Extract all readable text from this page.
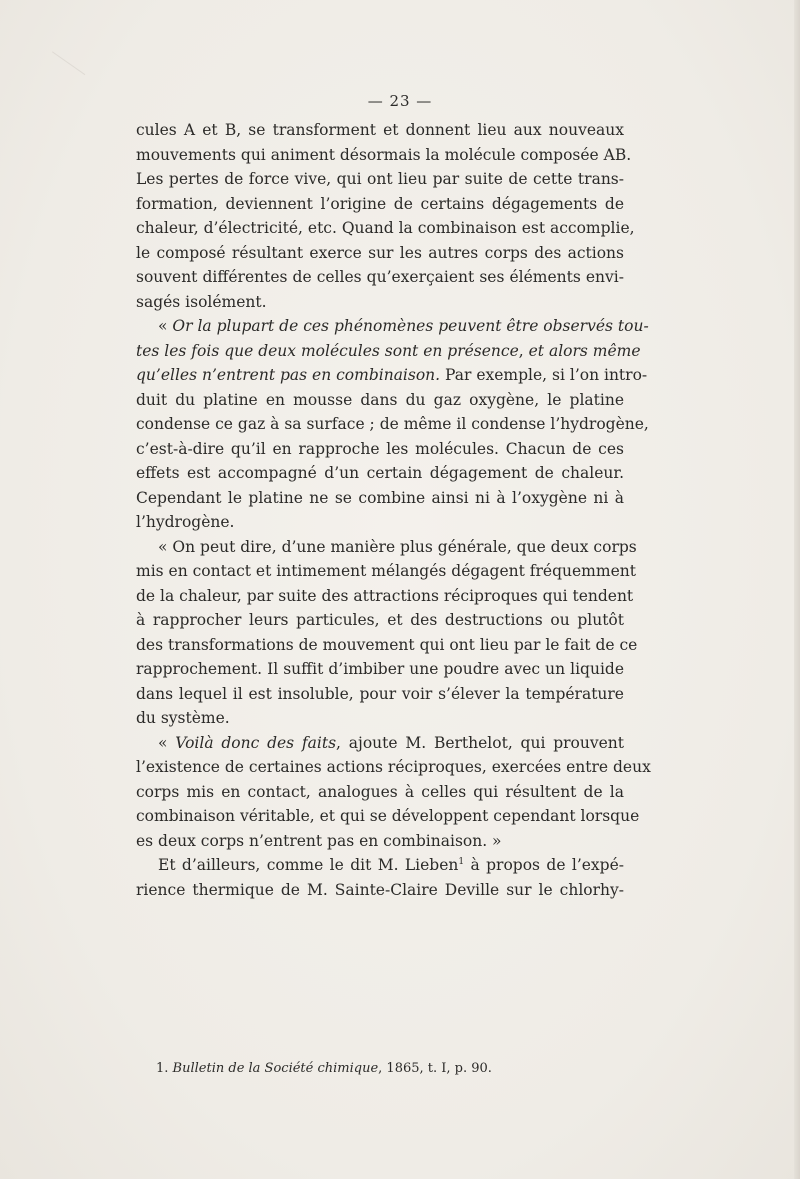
— 23 —
cules A et B, se transforment et donnent lieu aux nouveaux
mouvements qui animent désormais la molécule composée AB.
Les pertes de force vive, qui ont lieu par suite de cette trans-
formation, deviennent l’origine de certains dégagements de
chaleur, d’électricité, etc. Quand la combinaison est accomplie,
le composé résultant exerce sur les autres corps des actions
souvent différentes de celles qu’exerçaient ses éléments envi-
sagés isolément.
« Or la plupart de ces phénomènes peuvent être observés tou-
tes les fois que deux molécules sont en présence, et alors même
qu’elles n’entrent pas en combinaison. Par exemple, si l’on intro-
duit du platine en mousse dans du gaz oxygène, le platine
condense ce gaz à sa surface ; de même il condense l’hydrogène,
c’est-à-dire qu’il en rapproche les molécules. Chacun de ces
effets est accompagné d’un certain dégagement de chaleur.
Cependant le platine ne se combine ainsi ni à l’oxygène ni à
l’hydrogène.
« On peut dire, d’une manière plus générale, que deux corps
mis en contact et intimement mélangés dégagent fréquemment
de la chaleur, par suite des attractions réciproques qui tendent
à rapprocher leurs particules, et des destructions ou plutôt
des transformations de mouvement qui ont lieu par le fait de ce
rapprochement. Il suffit d’imbiber une poudre avec un liquide
dans lequel il est insoluble, pour voir s’élever la température
du système.
« Voilà donc des faits, ajoute M. Berthelot, qui prouvent
l’existence de certaines actions réciproques, exercées entre deux
corps mis en contact, analogues à celles qui résultent de la
combinaison véritable, et qui se développent cependant lorsque
es deux corps n’entrent pas en combinaison. »
Et d’ailleurs, comme le dit M. Lieben$^1$ à propos de l’expé-
rience thermique de M. Sainte-Claire Deville sur le chlorhy-
1. Bulletin de la Société chimique, 1865, t. I, p. 90.
